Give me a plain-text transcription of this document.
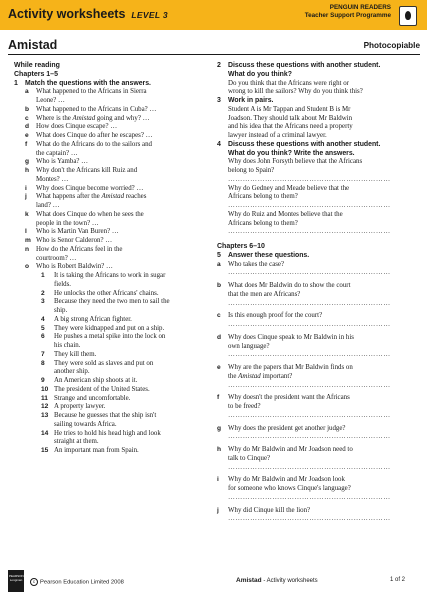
Activity worksheets LEVEL 3
PENGUIN READERS
Teacher Support Programme
Amistad	Photocopiable
While reading
Chapters 1–5
1 Match the questions with the answers.
a What happened to the Africans in Sierra
Leone? …
b What happened to the Africans in Cuba? …
c Where is the Amistad going and why? …
d How does Cinque escape? …
e What does Cinque do after he escapes? …
f What do the Africans do to the sailors and
the captain? …
g Who is Yamba? …
h Why don't the Africans kill Ruiz and
Montes? …
i Why does Cinque become worried? …
j What happens after the Amistad reaches
land? …
k What does Cinque do when he sees the
people in the town? …
l Who is Martin Van Buren? …
m Who is Senor Calderon? …
n How do the Africans feel in the
courtroom? …
o Who is Robert Baldwin? …
1 It is taking the Africans to work in sugar
fields.
2 He unlocks the other Africans' chains.
3 Because they need the two men to sail the
ship.
4 A big strong African fighter.
5 They were kidnapped and put on a ship.
6 He pushes a metal spike into the lock on
his chain.
7 They kill them.
8 They were sold as slaves and put on
another ship.
9 An American ship shoots at it.
10 The president of the United States.
11 Strange and uncomfortable.
12 A property lawyer.
13 Because he guesses that the ship isn't
sailing towards Africa.
14 He tries to hold his head high and look
straight at them.
15 An important man from Spain.
2 Discuss these questions with another student.
What do you think?
Do you think that the Africans were right or
wrong to kill the sailors? Why do you think this?
3 Work in pairs.
Student A is Mr Tappan and Student B is Mr
Joadson. They should talk about Mr Baldwin
and his idea that the Africans need a property
lawyer instead of a criminal lawyer.
4 Discuss these questions with another student.
What do you think? Write the answers.
Why does John Forsyth believe that the Africans
belong to Spain?
…………………………………………………………
Why do Gedney and Meade believe that the
Africans belong to them?
…………………………………………………………
Why do Ruiz and Montes believe that the
Africans belong to them?
…………………………………………………………
Chapters 6–10
5 Answer these questions.
a Who takes the case?
…………………………………………………………
b What does Mr Baldwin do to show the court
that the men are Africans?
…………………………………………………………
c Is this enough proof for the court?
…………………………………………………………
d Why does Cinque speak to Mr Baldwin in his
own language?
…………………………………………………………
e Why are the papers that Mr Baldwin finds on
the Amistad important?
…………………………………………………………
f Why doesn't the president want the Africans
to be freed?
…………………………………………………………
g Why does the president get another judge?
…………………………………………………………
h Why do Mr Baldwin and Mr Joadson need to
talk to Cinque?
…………………………………………………………
i Why do Mr Baldwin and Mr Joadson look
for someone who knows Cinque's language?
…………………………………………………………
j Why did Cinque kill the lion?
…………………………………………………………
PEARSON Longman	c Pearson Education Limited 2008	Amistad - Activity worksheets	1 of 2
